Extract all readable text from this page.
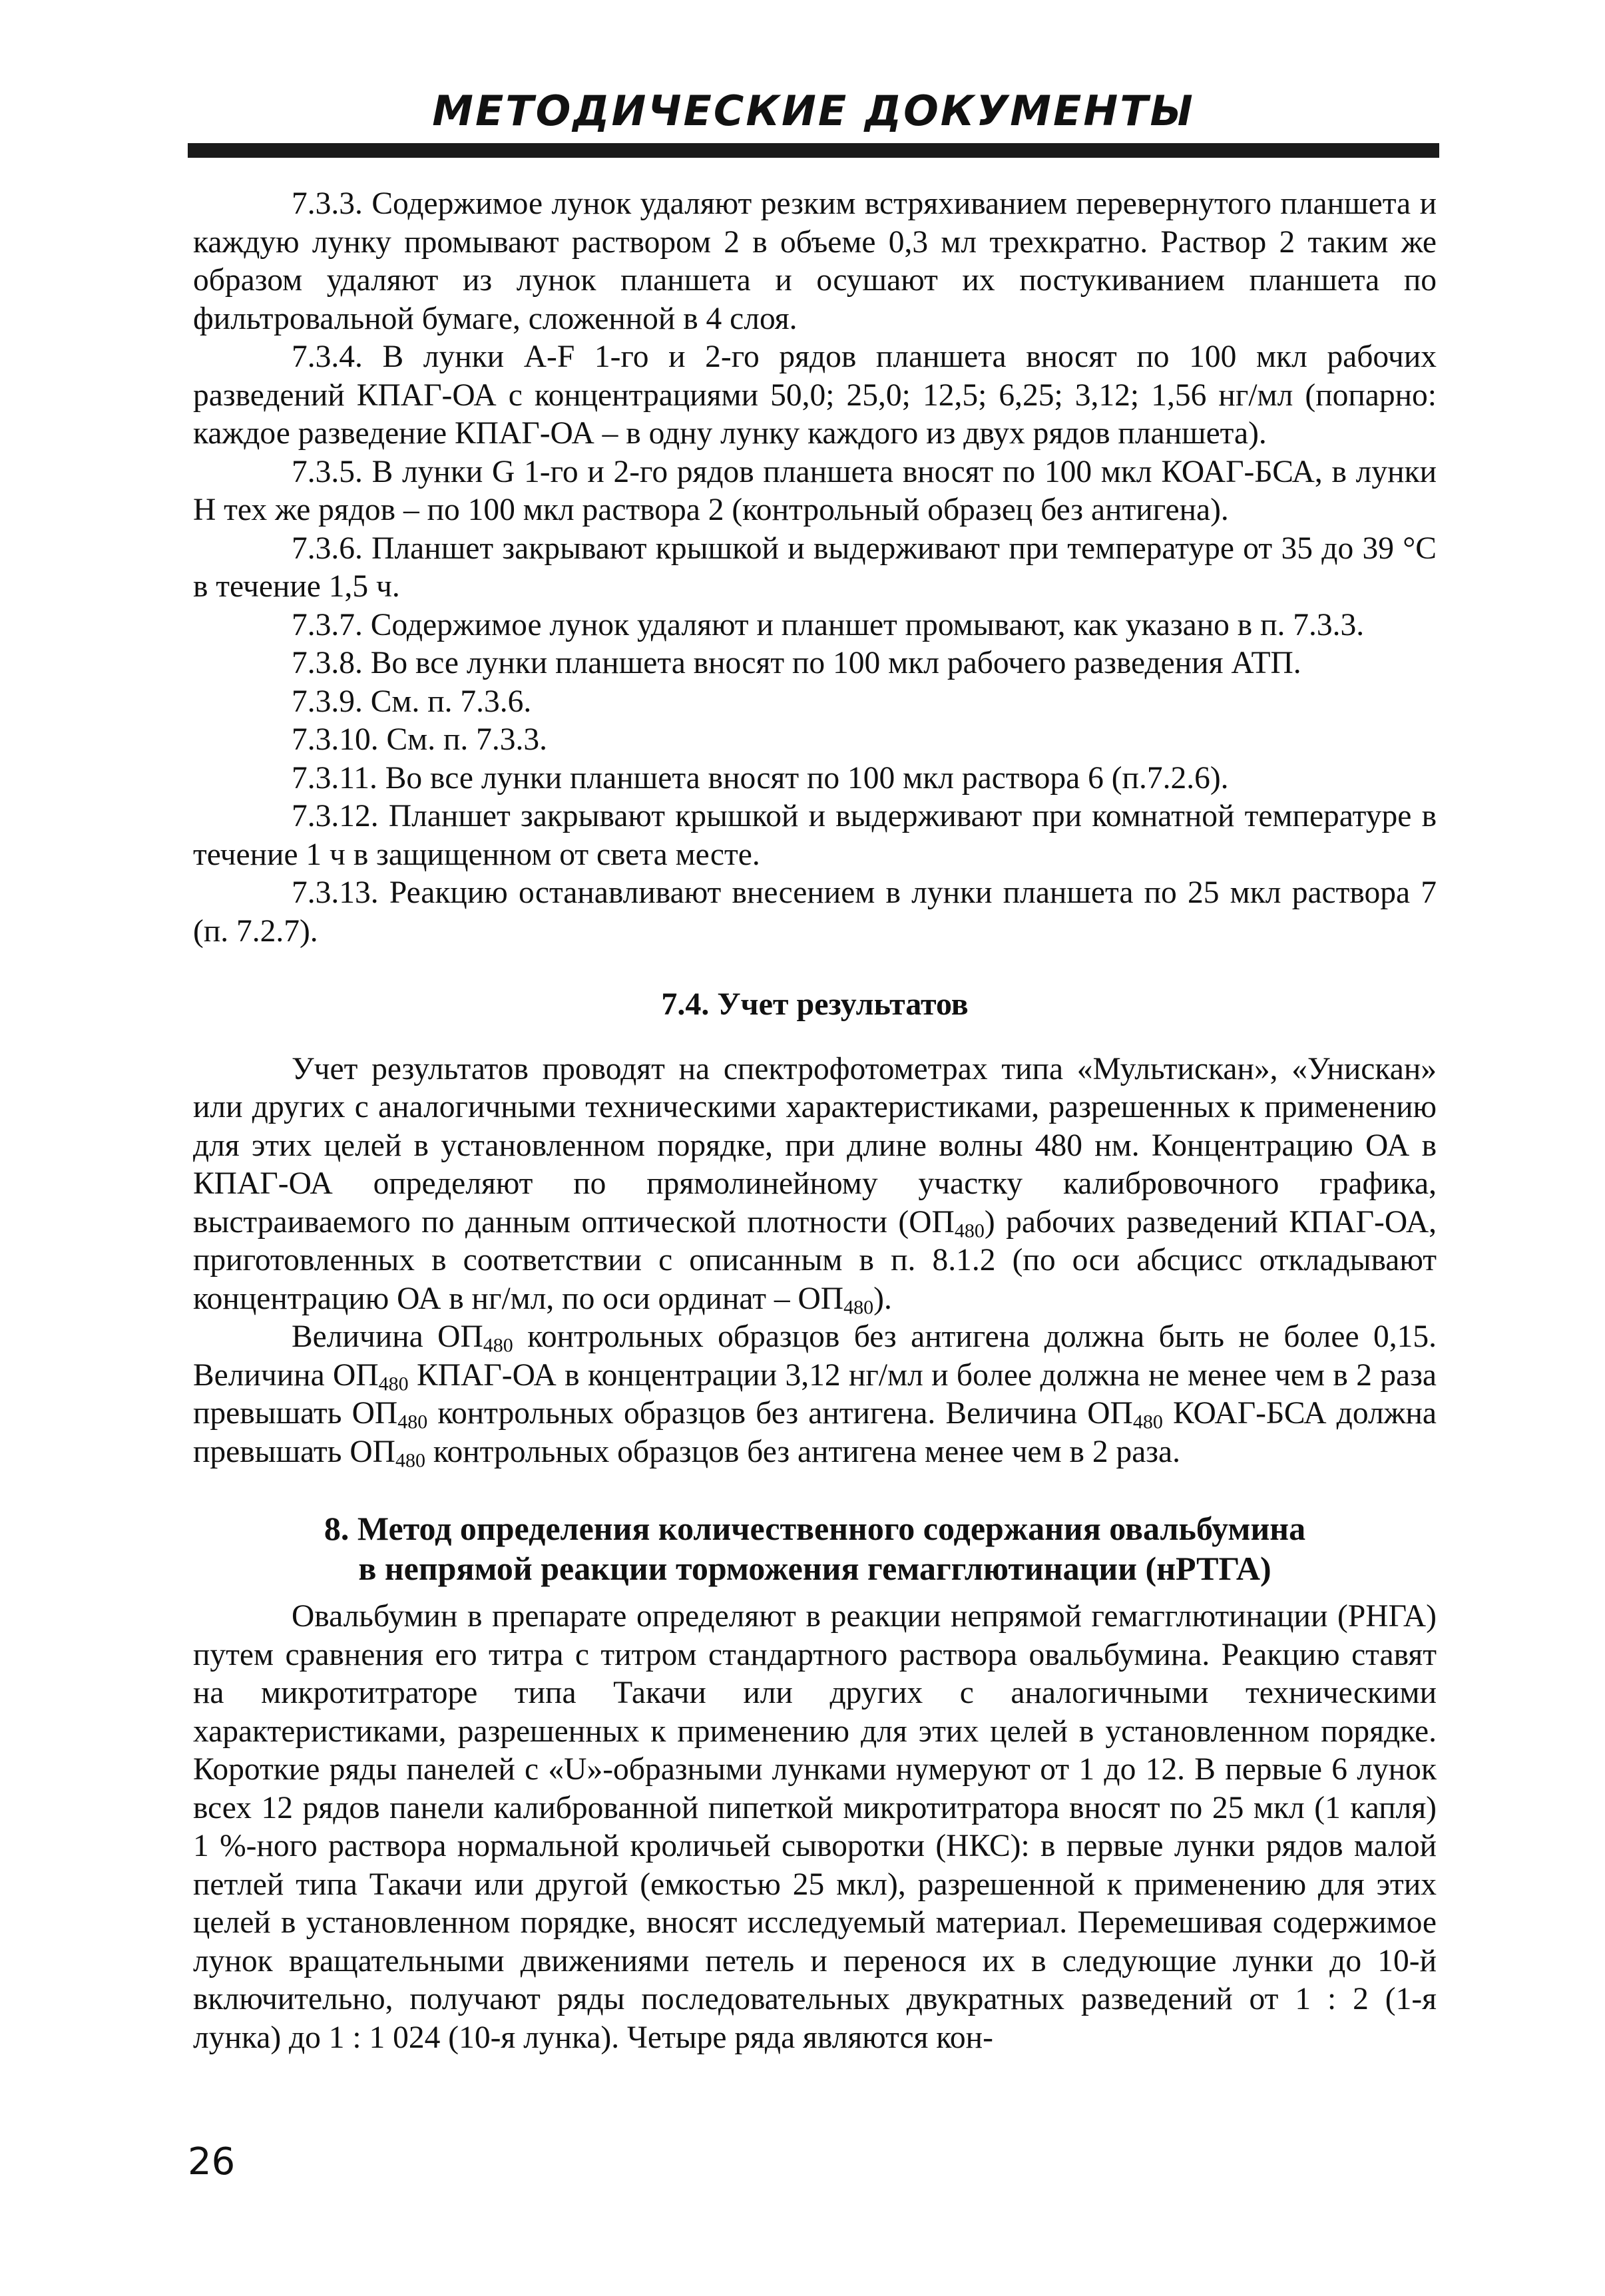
МЕТОДИЧЕСКИЕ ДОКУМЕНТЫ

7.3.3. Содержимое лунок удаляют резким встряхиванием перевернутого планшета и каждую лунку промывают раствором 2 в объеме 0,3 мл трехкратно. Раствор 2 таким же образом удаляют из лунок планшета и осушают их постукиванием планшета по фильтровальной бумаге, сложенной в 4 слоя.

7.3.4. В лунки A-F 1-го и 2-го рядов планшета вносят по 100 мкл рабочих разведений КПАГ-ОА с концентрациями 50,0; 25,0; 12,5; 6,25; 3,12; 1,56 нг/мл (попарно: каждое разведение КПАГ-ОА – в одну лунку каждого из двух рядов планшета).

7.3.5. В лунки G 1-го и 2-го рядов планшета вносят по 100 мкл КОАГ-БСА, в лунки H тех же рядов – по 100 мкл раствора 2 (контрольный образец без антигена).

7.3.6. Планшет закрывают крышкой и выдерживают при температуре от 35 до 39 °С в течение 1,5 ч.

7.3.7. Содержимое лунок удаляют и планшет промывают, как указано в п. 7.3.3.

7.3.8. Во все лунки планшета вносят по 100 мкл рабочего разведения АТП.

7.3.9. См. п. 7.3.6.

7.3.10. См. п. 7.3.3.

7.3.11. Во все лунки планшета вносят по 100 мкл раствора 6 (п.7.2.6).

7.3.12. Планшет закрывают крышкой и выдерживают при комнатной температуре в течение 1 ч в защищенном от света месте.

7.3.13. Реакцию останавливают внесением в лунки планшета по 25 мкл раствора 7 (п. 7.2.7).

7.4. Учет результатов

Учет результатов проводят на спектрофотометрах типа «Мультискан», «Унискан» или других с аналогичными техническими характеристиками, разрешенных к применению для этих целей в установленном порядке, при длине волны 480 нм. Концентрацию ОА в КПАГ-ОА определяют по прямолинейному участку калибровочного графика, выстраиваемого по данным оптической плотности $(ОП_{480})$ рабочих разведений КПАГ-ОА, приготовленных в соответствии с описанным в п. 8.1.2 (по оси абсцисс откладывают концентрацию ОА в нг/мл, по оси ординат – $ОП_{480}$).

Величина $ОП_{480}$ контрольных образцов без антигена должна быть не более 0,15. Величина $ОП_{480}$ КПАГ-ОА в концентрации 3,12 нг/мл и более должна не менее чем в 2 раза превышать $ОП_{480}$ контрольных образцов без антигена. Величина $ОП_{480}$ КОАГ-БСА должна превышать $ОП_{480}$ контрольных образцов без антигена менее чем в 2 раза.

8. Метод определения количественного содержания овальбумина
в непрямой реакции торможения гемагглютинации (нРТГА)

Овальбумин в препарате определяют в реакции непрямой гемагглютинации (РНГА) путем сравнения его титра с титром стандартного раствора овальбумина. Реакцию ставят на микротитраторе типа Такачи или других с аналогичными техническими характеристиками, разрешенных к применению для этих целей в установленном порядке. Короткие ряды панелей с «U»-образными лунками нумеруют от 1 до 12. В первые 6 лунок всех 12 рядов панели калиброванной пипеткой микротитратора вносят по 25 мкл (1 капля) 1 %-ного раствора нормальной кроличьей сыворотки (НКС): в первые лунки рядов малой петлей типа Такачи или другой (емкостью 25 мкл), разрешенной к применению для этих целей в установленном порядке, вносят исследуемый материал. Перемешивая содержимое лунок вращательными движениями петель и перенося их в следующие лунки до 10-й включительно, получают ряды последовательных двукратных разведений от 1 : 2 (1-я лунка) до 1 : 1 024 (10-я лунка). Четыре ряда являются кон-

26
